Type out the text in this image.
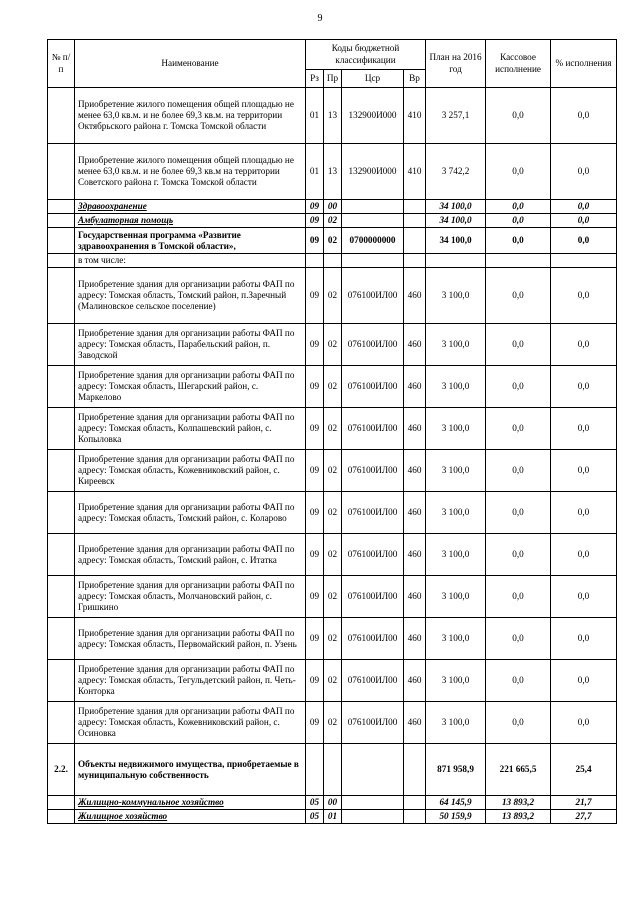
9
№ п/п	Наименование	Коды бюджетной классификации				План на 2016 год	Кассовое исполнение	% исполнения
		Рз	Пр	Цср	Вр			
	Приобретение жилого помещения общей площадью не менее 63,0 кв.м. и не более 69,3 кв.м. на территории Октябрьского района г. Томска Томской области	01	13	132900И000	410	3 257,1	0,0	0,0
	Приобретение жилого помещения общей площадью не менее 63,0 кв.м. и не более 69,3 кв.м на территории Советского района г. Томска Томской области	01	13	132900И000	410	3 742,2	0,0	0,0
	Здравоохранение	09	00			34 100,0	0,0	0,0
	Амбулаторная помощь	09	02			34 100,0	0,0	0,0
	Государственная программа «Развитие здравоохранения в Томской области»,	09	02	0700000000		34 100,0	0,0	0,0
	в том числе:							
	Приобретение здания для организации работы ФАП по адресу: Томская область, Томский район, п.Заречный (Малиновское сельское поселение)	09	02	076100ИЛ00	460	3 100,0	0,0	0,0
	Приобретение здания для организации работы ФАП по адресу: Томская область, Парабельский район, п. Заводской	09	02	076100ИЛ00	460	3 100,0	0,0	0,0
	Приобретение здания для организации работы ФАП по адресу: Томская область, Шегарский район, с. Маркелово	09	02	076100ИЛ00	460	3 100,0	0,0	0,0
	Приобретение здания для организации работы ФАП по адресу: Томская область, Колпашевский район, с. Копыловка	09	02	076100ИЛ00	460	3 100,0	0,0	0,0
	Приобретение здания для организации работы ФАП по адресу: Томская область, Кожевниковский район, с. Киреевск	09	02	076100ИЛ00	460	3 100,0	0,0	0,0
	Приобретение здания для организации работы ФАП по адресу: Томская область, Томский район, с. Коларово	09	02	076100ИЛ00	460	3 100,0	0,0	0,0
	Приобретение здания для организации работы ФАП по адресу: Томская область, Томский район, с. Итатка	09	02	076100ИЛ00	460	3 100,0	0,0	0,0
	Приобретение здания для организации работы ФАП по адресу: Томская область, Молчановский район, с. Гришкино	09	02	076100ИЛ00	460	3 100,0	0,0	0,0
	Приобретение здания для организации работы ФАП по адресу: Томская область, Первомайский район, п. Узень	09	02	076100ИЛ00	460	3 100,0	0,0	0,0
	Приобретение здания для организации работы ФАП по адресу: Томская область, Тегульдетский район, п. Четь-Конторка	09	02	076100ИЛ00	460	3 100,0	0,0	0,0
	Приобретение здания для организации работы ФАП по адресу: Томская область, Кожевниковский район, с. Осиновка	09	02	076100ИЛ00	460	3 100,0	0,0	0,0
2.2.	Объекты недвижимого имущества, приобретаемые в муниципальную собственность					871 958,9	221 665,5	25,4
	Жилищно-коммунальное хозяйство	05	00			64 145,9	13 893,2	21,7
	Жилищное хозяйство	05	01			50 159,9	13 893,2	27,7
